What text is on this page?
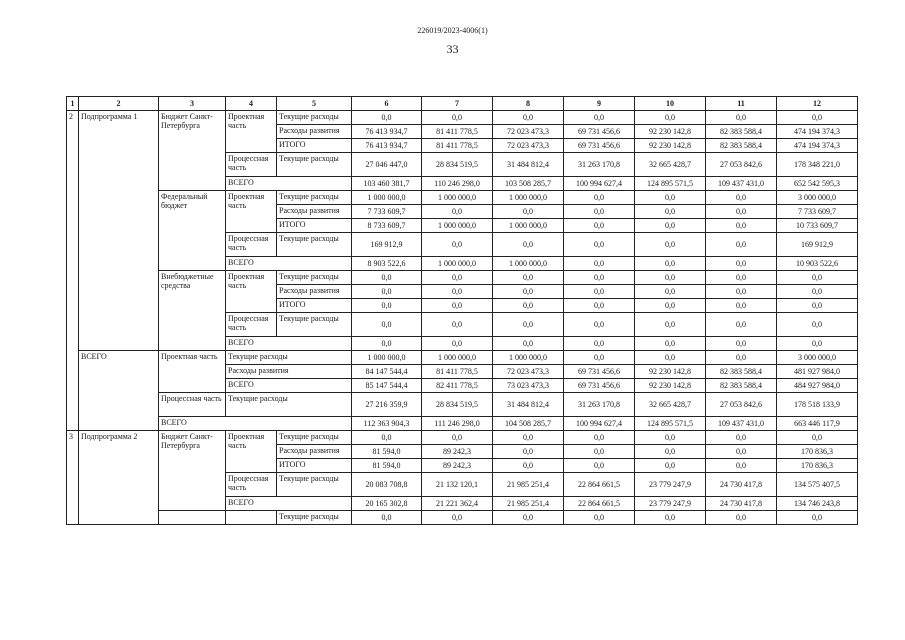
226019/2023-4006(1)
33
1	2	3	4	5	6	7	8	9	10	11	12
2	Подпрограмма 1	Бюджет Санкт-Петербурга	Проектная часть	Текущие расходы	0,0	0,0	0,0	0,0	0,0	0,0	0,0
				Расходы развития	76 413 934,7	81 411 778,5	72 023 473,3	69 731 456,6	92 230 142,8	82 383 588,4	474 194 374,3
				ИТОГО	76 413 934,7	81 411 778,5	72 023 473,3	69 731 456,6	92 230 142,8	82 383 588,4	474 194 374,3
			Процессная часть	Текущие расходы	27 046 447,0	28 834 519,5	31 484 812,4	31 263 170,8	32 665 428,7	27 053 842,6	178 348 221,0
			ВСЕГО		103 460 381,7	110 246 298,0	103 508 285,7	100 994 627,4	124 895 571,5	109 437 431,0	652 542 595,3
		Федеральный бюджет	Проектная часть	Текущие расходы	1 000 000,0	1 000 000,0	1 000 000,0	0,0	0,0	0,0	3 000 000,0
				Расходы развития	7 733 609,7	0,0	0,0	0,0	0,0	0,0	7 733 609,7
				ИТОГО	8 733 609,7	1 000 000,0	1 000 000,0	0,0	0,0	0,0	10 733 609,7
			Процессная часть	Текущие расходы	169 912,9	0,0	0,0	0,0	0,0	0,0	169 912,9
			ВСЕГО		8 903 522,6	1 000 000,0	1 000 000,0	0,0	0,0	0,0	10 903 522,6
		Внебюджетные средства	Проектная часть	Текущие расходы	0,0	0,0	0,0	0,0	0,0	0,0	0,0
				Расходы развития	0,0	0,0	0,0	0,0	0,0	0,0	0,0
				ИТОГО	0,0	0,0	0,0	0,0	0,0	0,0	0,0
			Процессная часть	Текущие расходы	0,0	0,0	0,0	0,0	0,0	0,0	0,0
			ВСЕГО		0,0	0,0	0,0	0,0	0,0	0,0	0,0
	ВСЕГО	Проектная часть	Текущие расходы		1 000 000,0	1 000 000,0	1 000 000,0	0,0	0,0	0,0	3 000 000,0
			Расходы развития		84 147 544,4	81 411 778,5	72 023 473,3	69 731 456,6	92 230 142,8	82 383 588,4	481 927 984,0
			ВСЕГО		85 147 544,4	82 411 778,5	73 023 473,3	69 731 456,6	92 230 142,8	82 383 588,4	484 927 984,0
		Процессная часть	Текущие расходы		27 216 359,9	28 834 519,5	31 484 812,4	31 263 170,8	32 665 428,7	27 053 842,6	178 518 133,9
		ВСЕГО			112 363 904,3	111 246 298,0	104 508 285,7	100 994 627,4	124 895 571,5	109 437 431,0	663 446 117,9
3	Подпрограмма 2	Бюджет Санкт-Петербурга	Проектная часть	Текущие расходы	0,0	0,0	0,0	0,0	0,0	0,0	0,0
				Расходы развития	81 594,0	89 242,3	0,0	0,0	0,0	0,0	170 836,3
				ИТОГО	81 594,0	89 242,3	0,0	0,0	0,0	0,0	170 836,3
			Процессная часть	Текущие расходы	20 083 708,8	21 132 120,1	21 985 251,4	22 864 661,5	23 779 247,9	24 730 417,8	134 575 407,5
			ВСЕГО		20 165 302,8	21 221 362,4	21 985 251,4	22 864 661,5	23 779 247,9	24 730 417,8	134 746 243,8
				Текущие расходы	0,0	0,0	0,0	0,0	0,0	0,0	0,0
